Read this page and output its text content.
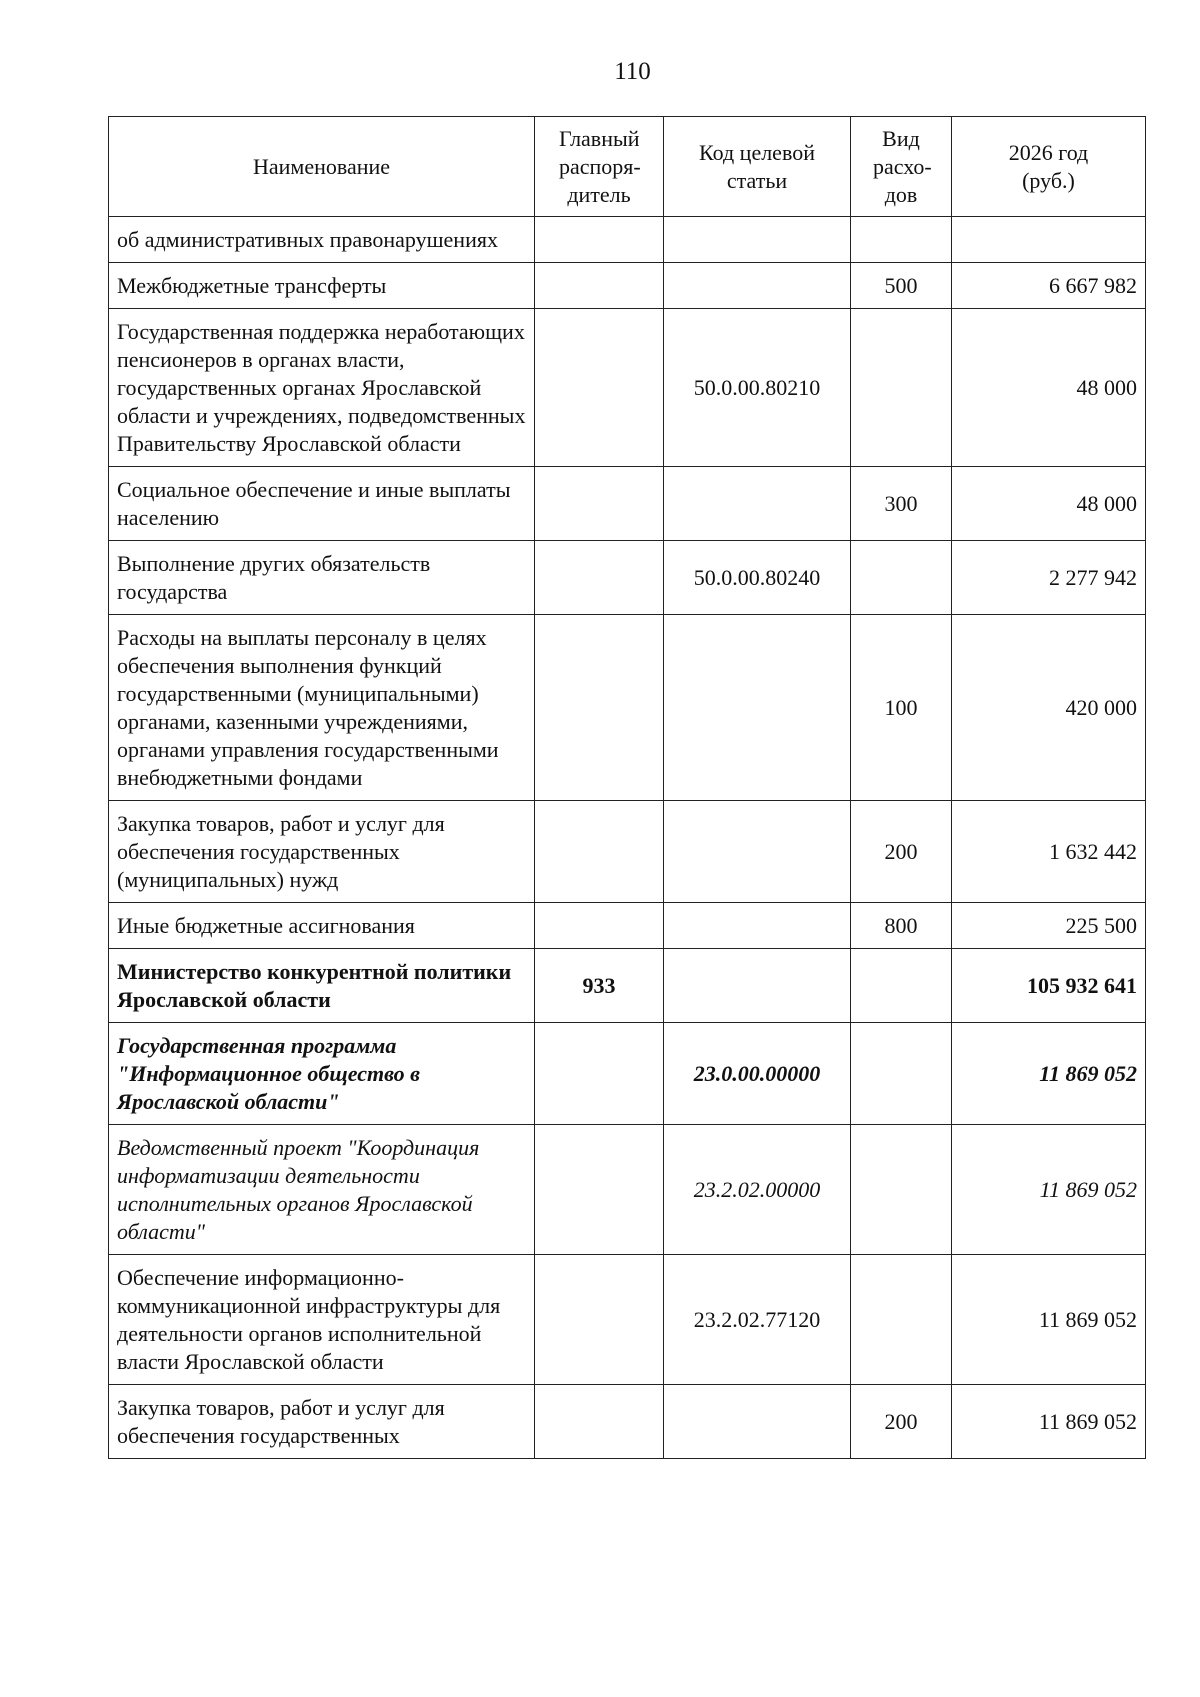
110
Наименование	Главный распоря-дитель	Код целевой статьи	Вид расхо-дов	2026 год (руб.)

об административных правонарушениях				
Межбюджетные трансферты			500	6 667 982
Государственная поддержка неработающих пенсионеров в органах власти, государственных органах Ярославской области и учреждениях, подведомственных Правительству Ярославской области		50.0.00.80210		48 000
Социальное обеспечение и иные выплаты населению			300	48 000
Выполнение других обязательств государства		50.0.00.80240		2 277 942
Расходы на выплаты персоналу в целях обеспечения выполнения функций государственными (муниципальными) органами, казенными учреждениями, органами управления государственными внебюджетными фондами			100	420 000
Закупка товаров, работ и услуг для обеспечения государственных (муниципальных) нужд			200	1 632 442
Иные бюджетные ассигнования			800	225 500
Министерство конкурентной политики Ярославской области	933			105 932 641
Государственная программа "Информационное общество в Ярославской области"		23.0.00.00000		11 869 052
Ведомственный проект "Координация информатизации деятельности исполнительных органов Ярославской области"		23.2.02.00000		11 869 052
Обеспечение информационно-коммуникационной инфраструктуры для деятельности органов исполнительной власти Ярославской области		23.2.02.77120		11 869 052
Закупка товаров, работ и услуг для обеспечения государственных			200	11 869 052
